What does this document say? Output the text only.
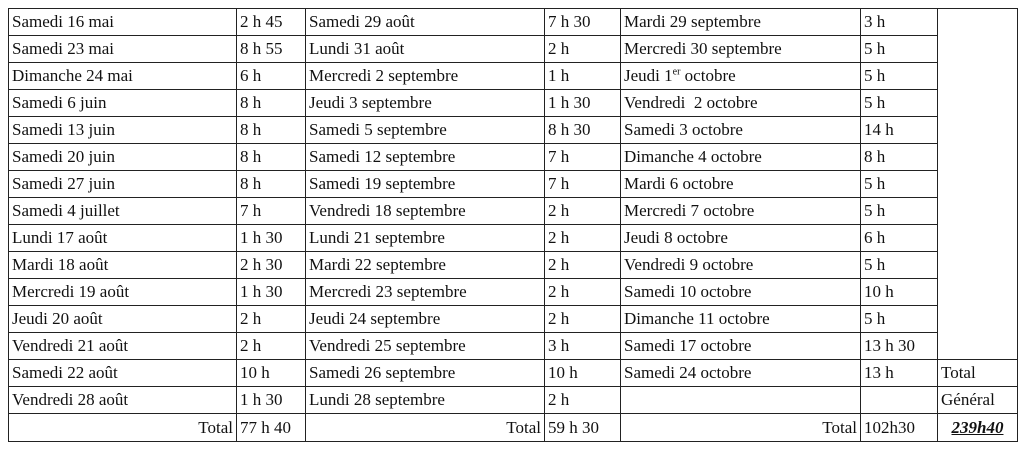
Samedi 16 mai	2 h 45	Samedi 29 août	7 h 30	Mardi 29 septembre	3 h	
Samedi 23 mai	8 h 55	Lundi 31 août	2 h	Mercredi 30 septembre	5 h	
Dimanche 24 mai	6 h	Mercredi 2 septembre	1 h	Jeudi 1er octobre	5 h	
Samedi 6 juin	8 h	Jeudi 3 septembre	1 h 30	Vendredi  2 octobre	5 h	
Samedi 13 juin	8 h	Samedi 5 septembre	8 h 30	Samedi 3 octobre	14 h	
Samedi 20 juin	8 h	Samedi 12 septembre	7 h	Dimanche 4 octobre	8 h	
Samedi 27 juin	8 h	Samedi 19 septembre	7 h	Mardi 6 octobre	5 h	
Samedi 4 juillet	7 h	Vendredi 18 septembre	2 h	Mercredi 7 octobre	5 h	
Lundi 17 août	1 h 30	Lundi 21 septembre	2 h	Jeudi 8 octobre	6 h	
Mardi 18 août	2 h 30	Mardi 22 septembre	2 h	Vendredi 9 octobre	5 h	
Mercredi 19 août	1 h 30	Mercredi 23 septembre	2 h	Samedi 10 octobre	10 h	
Jeudi 20 août	2 h	Jeudi 24 septembre	2 h	Dimanche 11 octobre	5 h	
Vendredi 21 août	2 h	Vendredi 25 septembre	3 h	Samedi 17 octobre	13 h 30	
Samedi 22 août	10 h	Samedi 26 septembre	10 h	Samedi 24 octobre	13 h	Total
Vendredi 28 août	1 h 30	Lundi 28 septembre	2 h			Général
Total	77 h 40	Total	59 h 30	Total	102h30	239h40
